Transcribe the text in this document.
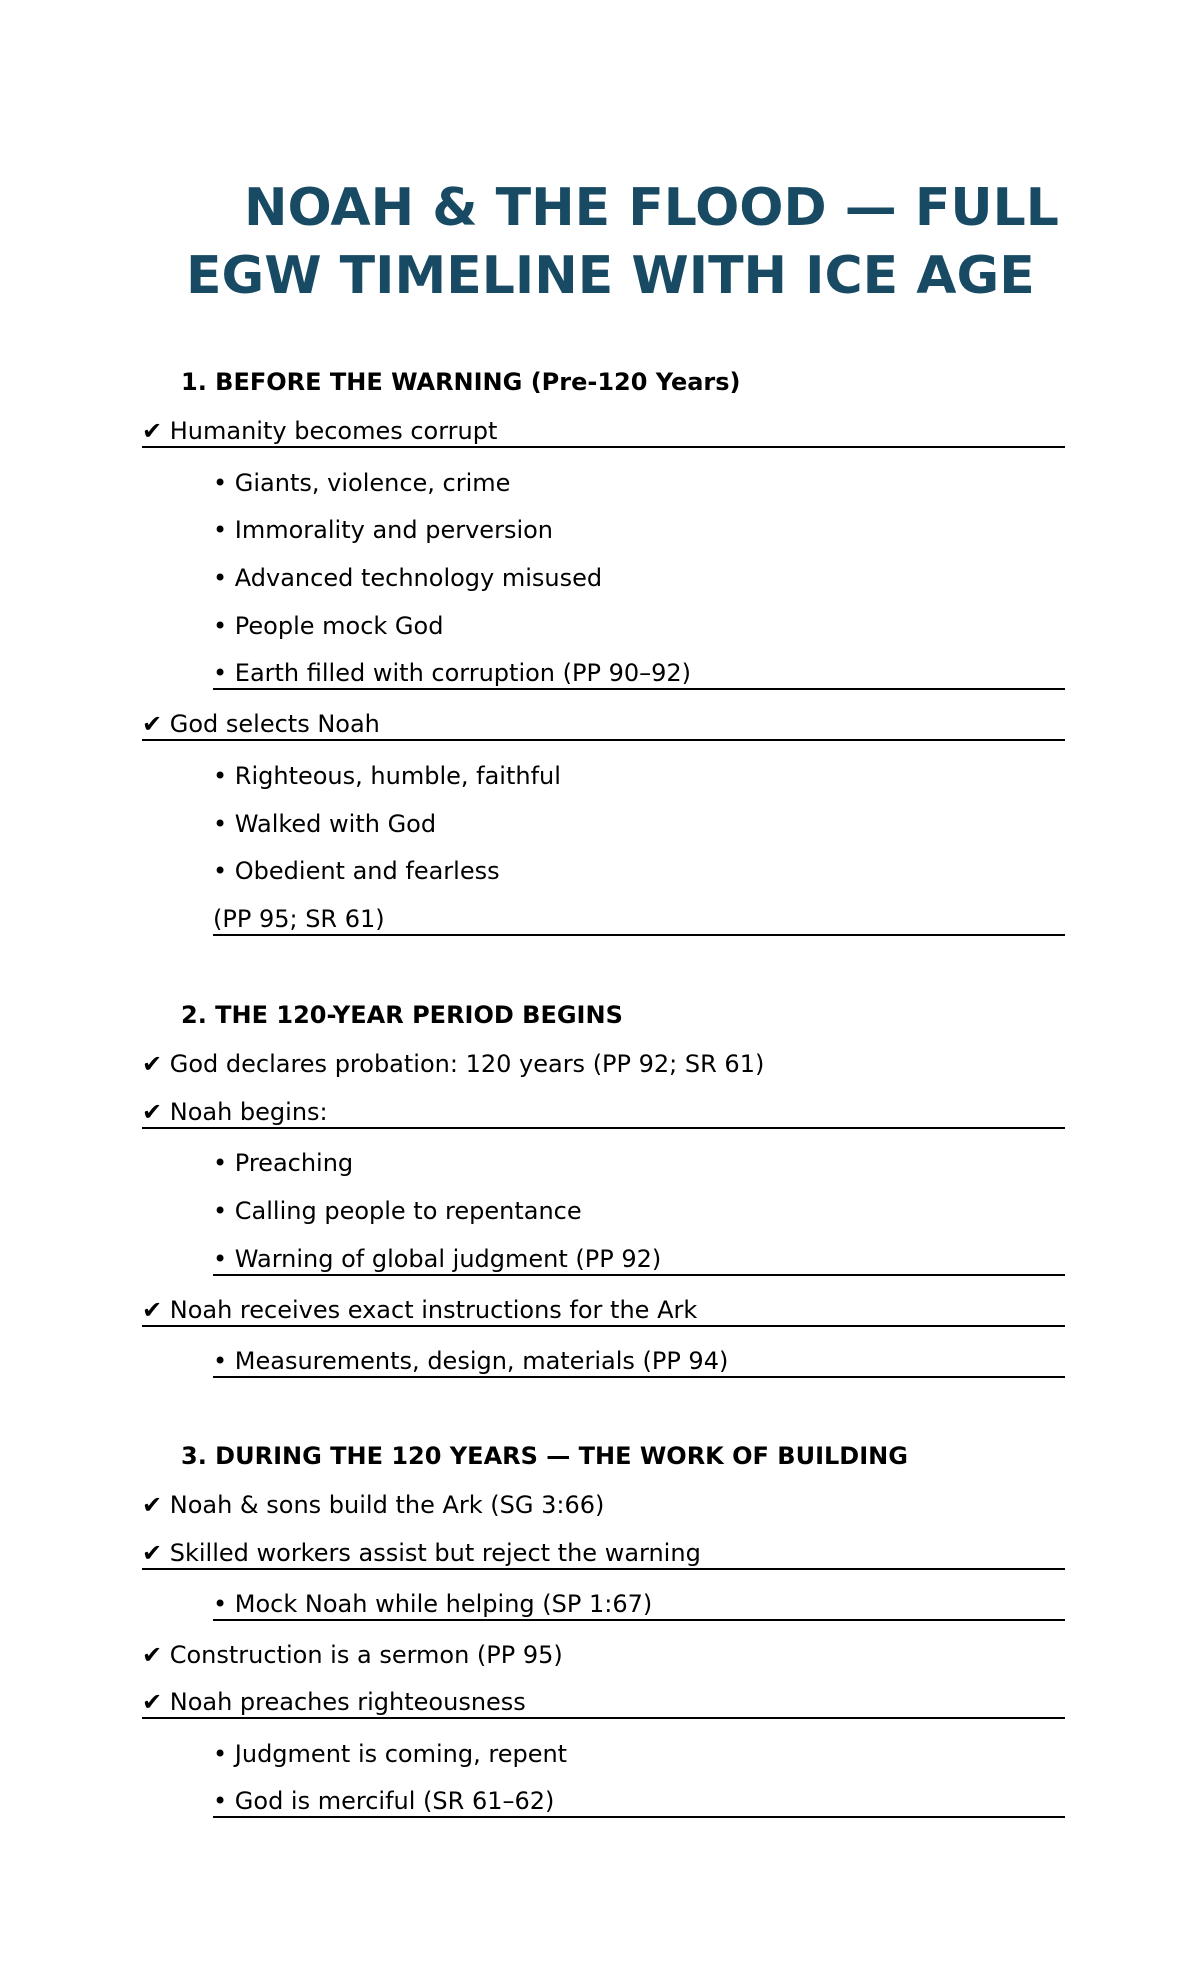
NOAH & THE FLOOD — FULL
EGW TIMELINE WITH ICE AGE
1. BEFORE THE WARNING (Pre-120 Years)
✔ Humanity becomes corrupt
• Giants, violence, crime
• Immorality and perversion
• Advanced technology misused
• People mock God
• Earth filled with corruption (PP 90–92)
✔ God selects Noah
• Righteous, humble, faithful
• Walked with God
• Obedient and fearless
(PP 95; SR 61)
2. THE 120-YEAR PERIOD BEGINS
✔ God declares probation: 120 years (PP 92; SR 61)
✔ Noah begins:
• Preaching
• Calling people to repentance
• Warning of global judgment (PP 92)
✔ Noah receives exact instructions for the Ark
• Measurements, design, materials (PP 94)
3. DURING THE 120 YEARS — THE WORK OF BUILDING
✔ Noah & sons build the Ark (SG 3:66)
✔ Skilled workers assist but reject the warning
• Mock Noah while helping (SP 1:67)
✔ Construction is a sermon (PP 95)
✔ Noah preaches righteousness
• Judgment is coming, repent
• God is merciful (SR 61–62)
